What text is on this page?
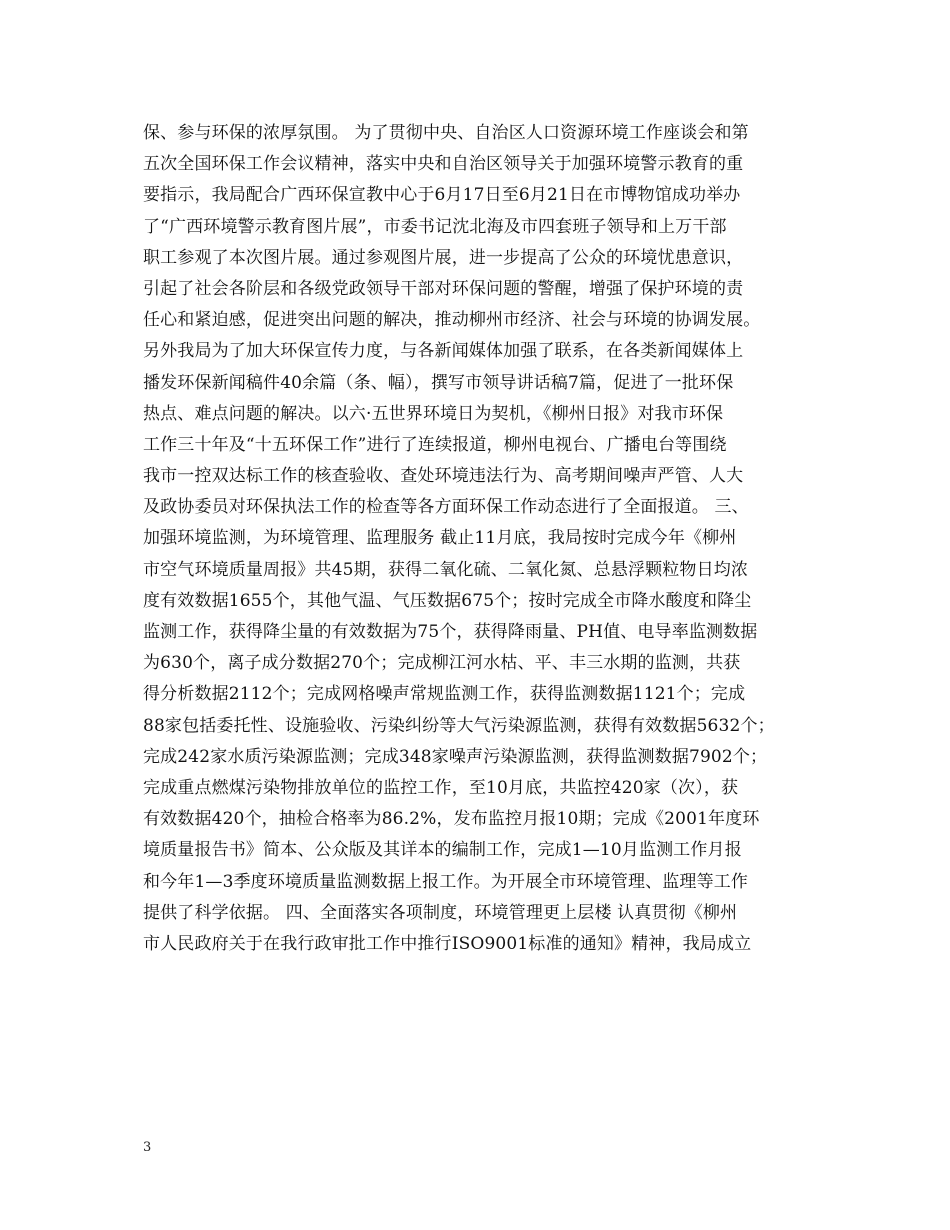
保、参与环保的浓厚氛围。 为了贯彻中央、自治区人口资源环境工作座谈会和第
五次全国环保工作会议精神，落实中央和自治区领导关于加强环境警示教育的重
要指示，我局配合广西环保宣教中心于6月17日至6月21日在市博物馆成功举办
了“广西环境警示教育图片展”，市委书记沈北海及市四套班子领导和上万干部
职工参观了本次图片展。通过参观图片展，进一步提高了公众的环境忧患意识，
引起了社会各阶层和各级党政领导干部对环保问题的警醒，增强了保护环境的责
任心和紧迫感，促进突出问题的解决，推动柳州市经济、社会与环境的协调发展。
另外我局为了加大环保宣传力度，与各新闻媒体加强了联系，在各类新闻媒体上
播发环保新闻稿件40余篇（条、幅），撰写市领导讲话稿7篇，促进了一批环保
热点、难点问题的解决。以六·五世界环境日为契机，《柳州日报》对我市环保
工作三十年及“十五环保工作”进行了连续报道，柳州电视台、广播电台等围绕
我市一控双达标工作的核查验收、查处环境违法行为、高考期间噪声严管、人大
及政协委员对环保执法工作的检查等各方面环保工作动态进行了全面报道。 三、
加强环境监测，为环境管理、监理服务 截止11月底，我局按时完成今年《柳州
市空气环境质量周报》共45期，获得二氧化硫、二氧化氮、总悬浮颗粒物日均浓
度有效数据1655个，其他气温、气压数据675个；按时完成全市降水酸度和降尘
监测工作，获得降尘量的有效数据为75个，获得降雨量、PH值、电导率监测数据
为630个，离子成分数据270个；完成柳江河水枯、平、丰三水期的监测，共获
得分析数据2112个；完成网格噪声常规监测工作，获得监测数据1121个；完成
88家包括委托性、设施验收、污染纠纷等大气污染源监测，获得有效数据5632个；
完成242家水质污染源监测；完成348家噪声污染源监测，获得监测数据7902个；
完成重点燃煤污染物排放单位的监控工作，至10月底，共监控420家（次），获
有效数据420个，抽检合格率为86.2%，发布监控月报10期；完成《2001年度环
境质量报告书》简本、公众版及其详本的编制工作，完成1—10月监测工作月报
和今年1—3季度环境质量监测数据上报工作。为开展全市环境管理、监理等工作
提供了科学依据。 四、全面落实各项制度，环境管理更上层楼 认真贯彻《柳州
市人民政府关于在我行政审批工作中推行ISO9001标准的通知》精神，我局成立
3
